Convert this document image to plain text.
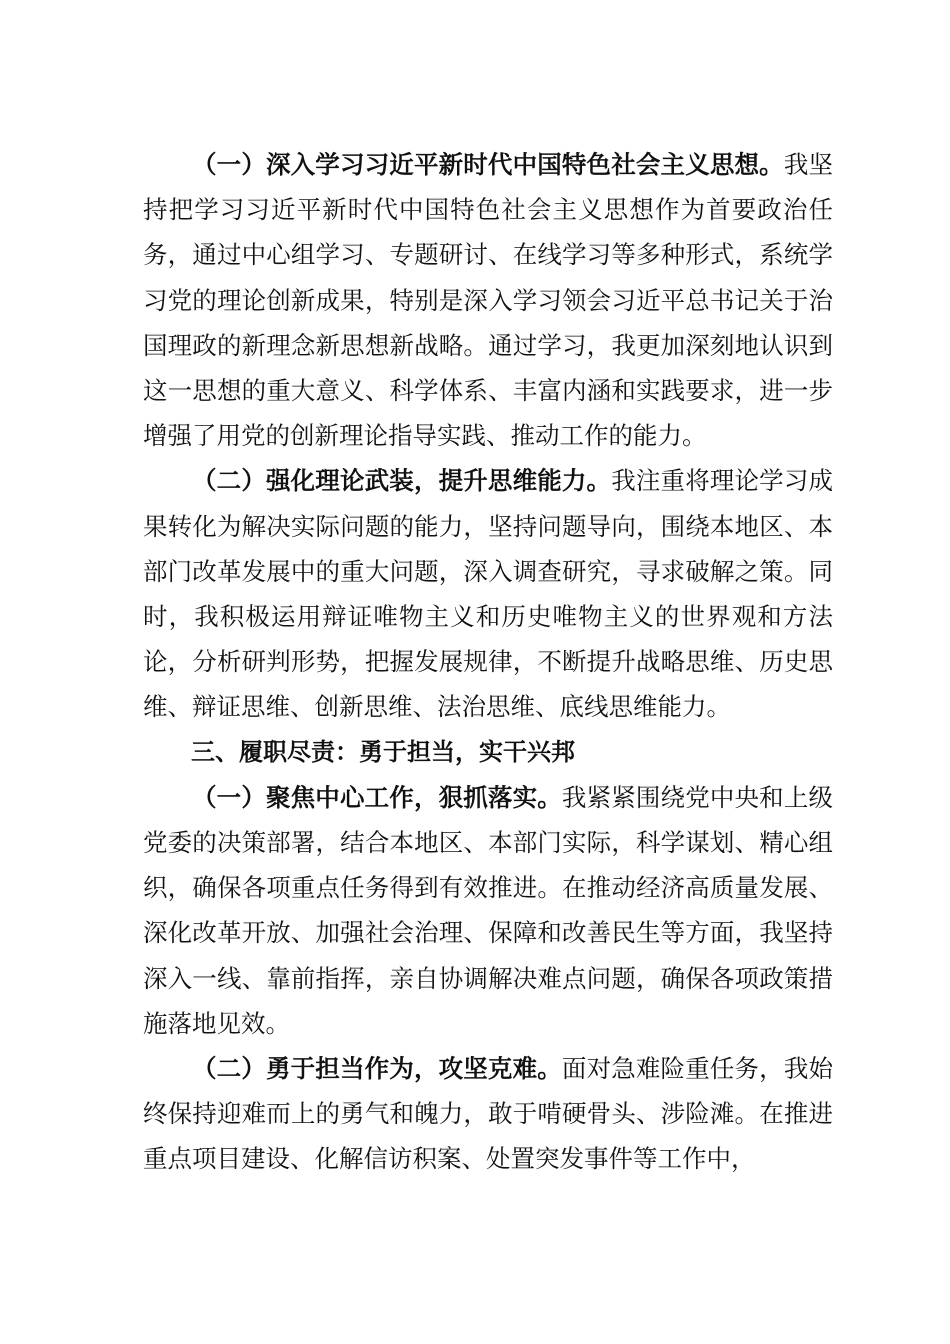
（一）深入学习习近平新时代中国特色社会主义思想。我坚持把学习习近平新时代中国特色社会主义思想作为首要政治任务，通过中心组学习、专题研讨、在线学习等多种形式，系统学习党的理论创新成果，特别是深入学习领会习近平总书记关于治国理政的新理念新思想新战略。通过学习，我更加深刻地认识到这一思想的重大意义、科学体系、丰富内涵和实践要求，进一步增强了用党的创新理论指导实践、推动工作的能力。

（二）强化理论武装，提升思维能力。我注重将理论学习成果转化为解决实际问题的能力，坚持问题导向，围绕本地区、本部门改革发展中的重大问题，深入调查研究，寻求破解之策。同时，我积极运用辩证唯物主义和历史唯物主义的世界观和方法论，分析研判形势，把握发展规律，不断提升战略思维、历史思维、辩证思维、创新思维、法治思维、底线思维能力。

三、履职尽责：勇于担当，实干兴邦

（一）聚焦中心工作，狠抓落实。我紧紧围绕党中央和上级党委的决策部署，结合本地区、本部门实际，科学谋划、精心组织，确保各项重点任务得到有效推进。在推动经济高质量发展、深化改革开放、加强社会治理、保障和改善民生等方面，我坚持深入一线、靠前指挥，亲自协调解决难点问题，确保各项政策措施落地见效。

（二）勇于担当作为，攻坚克难。面对急难险重任务，我始终保持迎难而上的勇气和魄力，敢于啃硬骨头、涉险滩。在推进重点项目建设、化解信访积案、处置突发事件等工作中，
